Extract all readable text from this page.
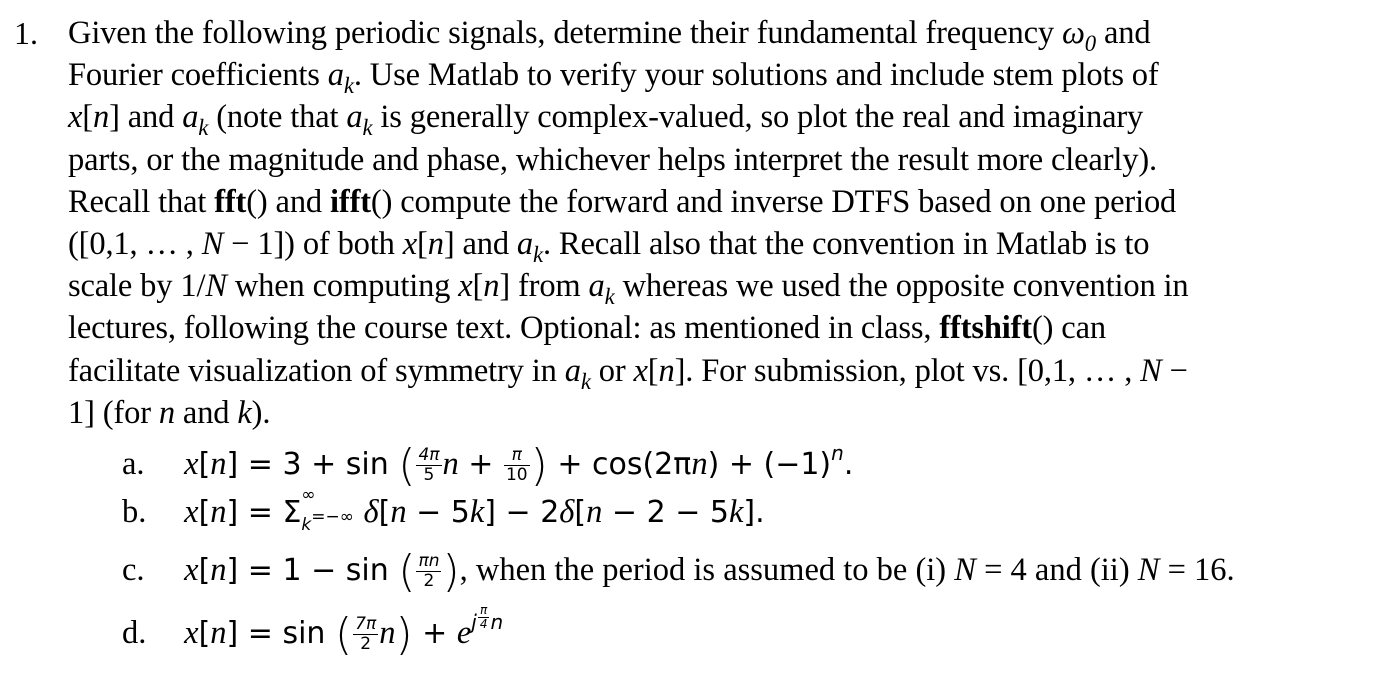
1. Given the following periodic signals, determine their fundamental frequency $\omega_0$ and
Fourier coefficients $a_k$. Use Matlab to verify your solutions and include stem plots of
x[n] and $a_k$ (note that $a_k$ is generally complex-valued, so plot the real and imaginary
parts, or the magnitude and phase, whichever helps interpret the result more clearly).
Recall that fft() and ifft() compute the forward and inverse DTFS based on one period
([0,1, … , N − 1]) of both x[n] and $a_k$. Recall also that the convention in Matlab is to
scale by 1/N when computing x[n] from $a_k$ whereas we used the opposite convention in
lectures, following the course text. Optional: as mentioned in class, fftshift() can
facilitate visualization of symmetry in $a_k$ or x[n]. For submission, plot vs. [0,1, … , N −
1] (for n and k).
a. x[n] = 3 + sin ( $\frac{4\pi}{5}$ $n + \frac{\pi}{10}$ ) + $\cos(2\pi n) + (-1)^n$.
b. x[n] = Σ ∞
k=−∞ δ[n − 5k] − 2δ[n − 2 − 5k].
c. x[n] = 1 − sin ( $\frac{\pi n}{2}$ ), when the period is assumed to be (i) N = 4 and (ii) N = 16.
d. x[n] = sin ( $\frac{7\pi}{2} n) + e^{j \frac{\pi}{4} n}$
